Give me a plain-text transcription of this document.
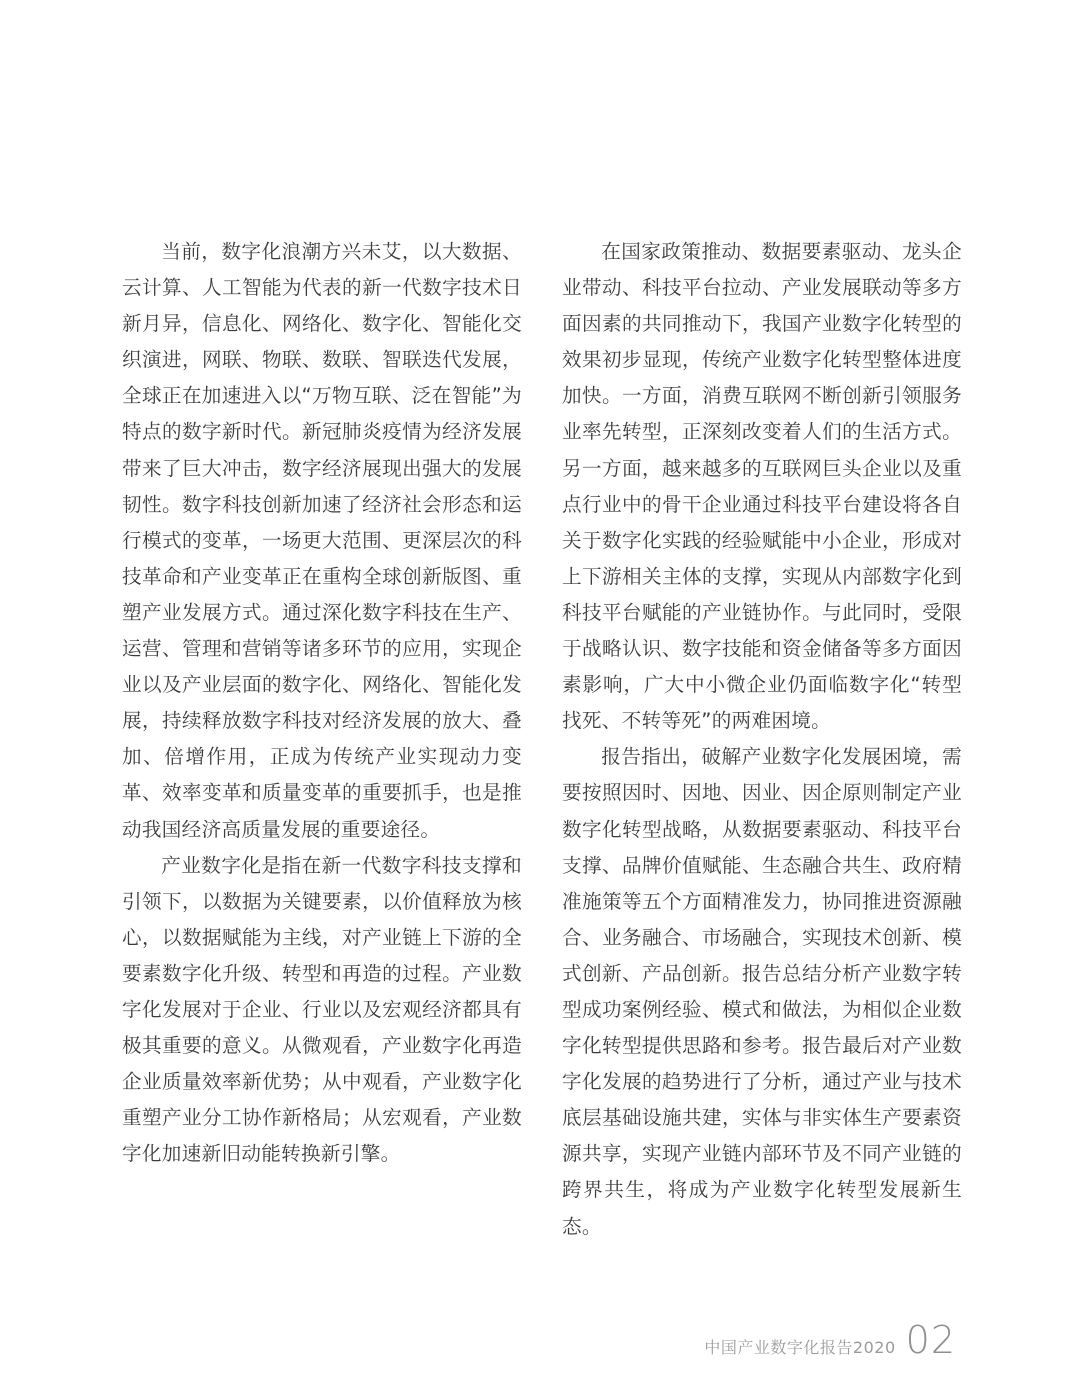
当前，数字化浪潮方兴未艾，以大数据、云计算、人工智能为代表的新一代数字技术日新月异，信息化、网络化、数字化、智能化交织演进，网联、物联、数联、智联迭代发展，全球正在加速进入以“万物互联、泛在智能”为特点的数字新时代。新冠肺炎疫情为经济发展带来了巨大冲击，数字经济展现出强大的发展韧性。数字科技创新加速了经济社会形态和运行模式的变革，一场更大范围、更深层次的科技革命和产业变革正在重构全球创新版图、重塑产业发展方式。通过深化数字科技在生产、运营、管理和营销等诸多环节的应用，实现企业以及产业层面的数字化、网络化、智能化发展，持续释放数字科技对经济发展的放大、叠加、倍增作用，正成为传统产业实现动力变革、效率变革和质量变革的重要抓手，也是推动我国经济高质量发展的重要途径。

产业数字化是指在新一代数字科技支撑和引领下，以数据为关键要素，以价值释放为核心，以数据赋能为主线，对产业链上下游的全要素数字化升级、转型和再造的过程。产业数字化发展对于企业、行业以及宏观经济都具有极其重要的意义。从微观看，产业数字化再造企业质量效率新优势；从中观看，产业数字化重塑产业分工协作新格局；从宏观看，产业数字化加速新旧动能转换新引擎。

在国家政策推动、数据要素驱动、龙头企业带动、科技平台拉动、产业发展联动等多方面因素的共同推动下，我国产业数字化转型的效果初步显现，传统产业数字化转型整体进度加快。一方面，消费互联网不断创新引领服务业率先转型，正深刻改变着人们的生活方式。另一方面，越来越多的互联网巨头企业以及重点行业中的骨干企业通过科技平台建设将各自关于数字化实践的经验赋能中小企业，形成对上下游相关主体的支撑，实现从内部数字化到科技平台赋能的产业链协作。与此同时，受限于战略认识、数字技能和资金储备等多方面因素影响，广大中小微企业仍面临数字化“转型找死、不转等死”的两难困境。

报告指出，破解产业数字化发展困境，需要按照因时、因地、因业、因企原则制定产业数字化转型战略，从数据要素驱动、科技平台支撑、品牌价值赋能、生态融合共生、政府精准施策等五个方面精准发力，协同推进资源融合、业务融合、市场融合，实现技术创新、模式创新、产品创新。报告总结分析产业数字转型成功案例经验、模式和做法，为相似企业数字化转型提供思路和参考。报告最后对产业数字化发展的趋势进行了分析，通过产业与技术底层基础设施共建，实体与非实体生产要素资源共享，实现产业链内部环节及不同产业链的跨界共生，将成为产业数字化转型发展新生态。

中国产业数字化报告2020 02
